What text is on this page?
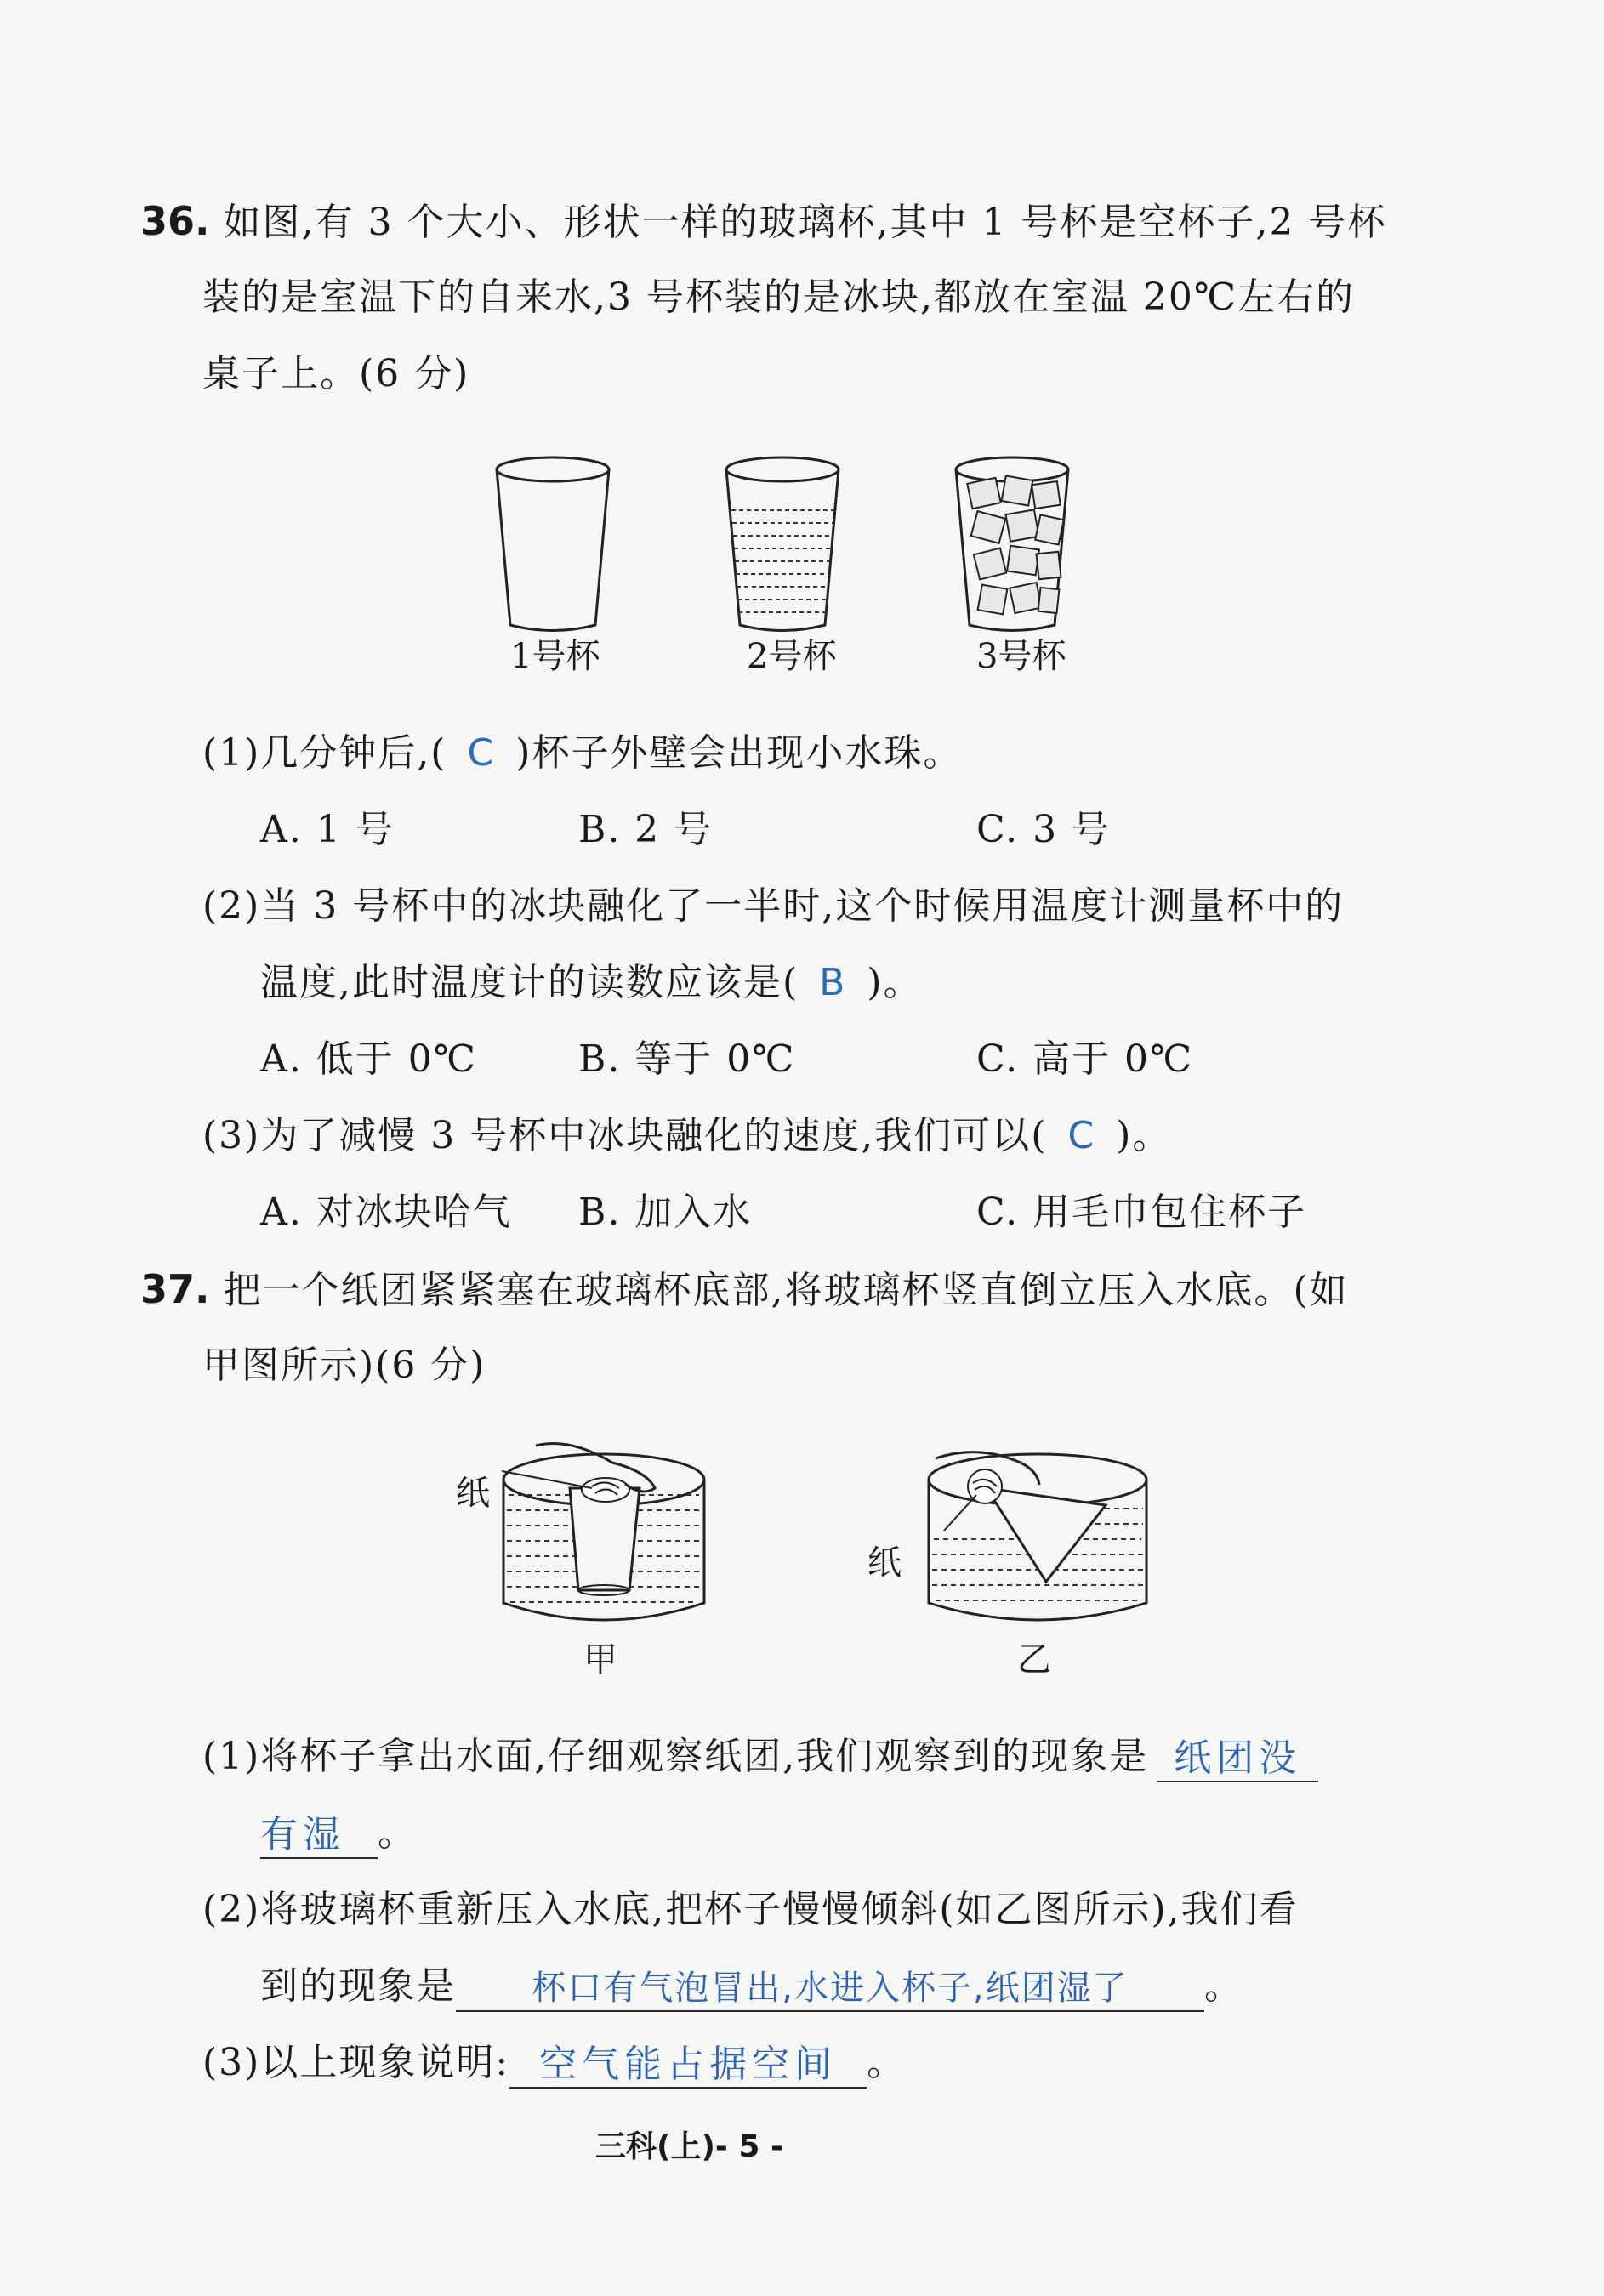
36. 如图,有 3 个大小、形状一样的玻璃杯,其中 1 号杯是空杯子,2 号杯
装的是室温下的自来水,3 号杯装的是冰块,都放在室温 20℃左右的
桌子上。(6 分)
1号杯	2号杯	3号杯
(1)几分钟后,( C )杯子外壁会出现小水珠。
A. 1 号	B. 2 号	C. 3 号
(2)当 3 号杯中的冰块融化了一半时,这个时候用温度计测量杯中的
温度,此时温度计的读数应该是( B )。
A. 低于 0℃	B. 等于 0℃	C. 高于 0℃
(3)为了减慢 3 号杯中冰块融化的速度,我们可以( C )。
A. 对冰块哈气 B. 加入水	C. 用毛巾包住杯子
37. 把一个纸团紧紧塞在玻璃杯底部,将玻璃杯竖直倒立压入水底。(如
甲图所示)(6 分)
纸
甲
纸
乙
(1)将杯子拿出水面,仔细观察纸团,我们观察到的现象是 纸团没
有湿 。
(2)将玻璃杯重新压入水底,把杯子慢慢倾斜(如乙图所示),我们看
到的现象是 杯口有气泡冒出,水进入杯子,纸团湿了 。
(3)以上现象说明: 空气能占据空间 。
三科(上)- 5 -
